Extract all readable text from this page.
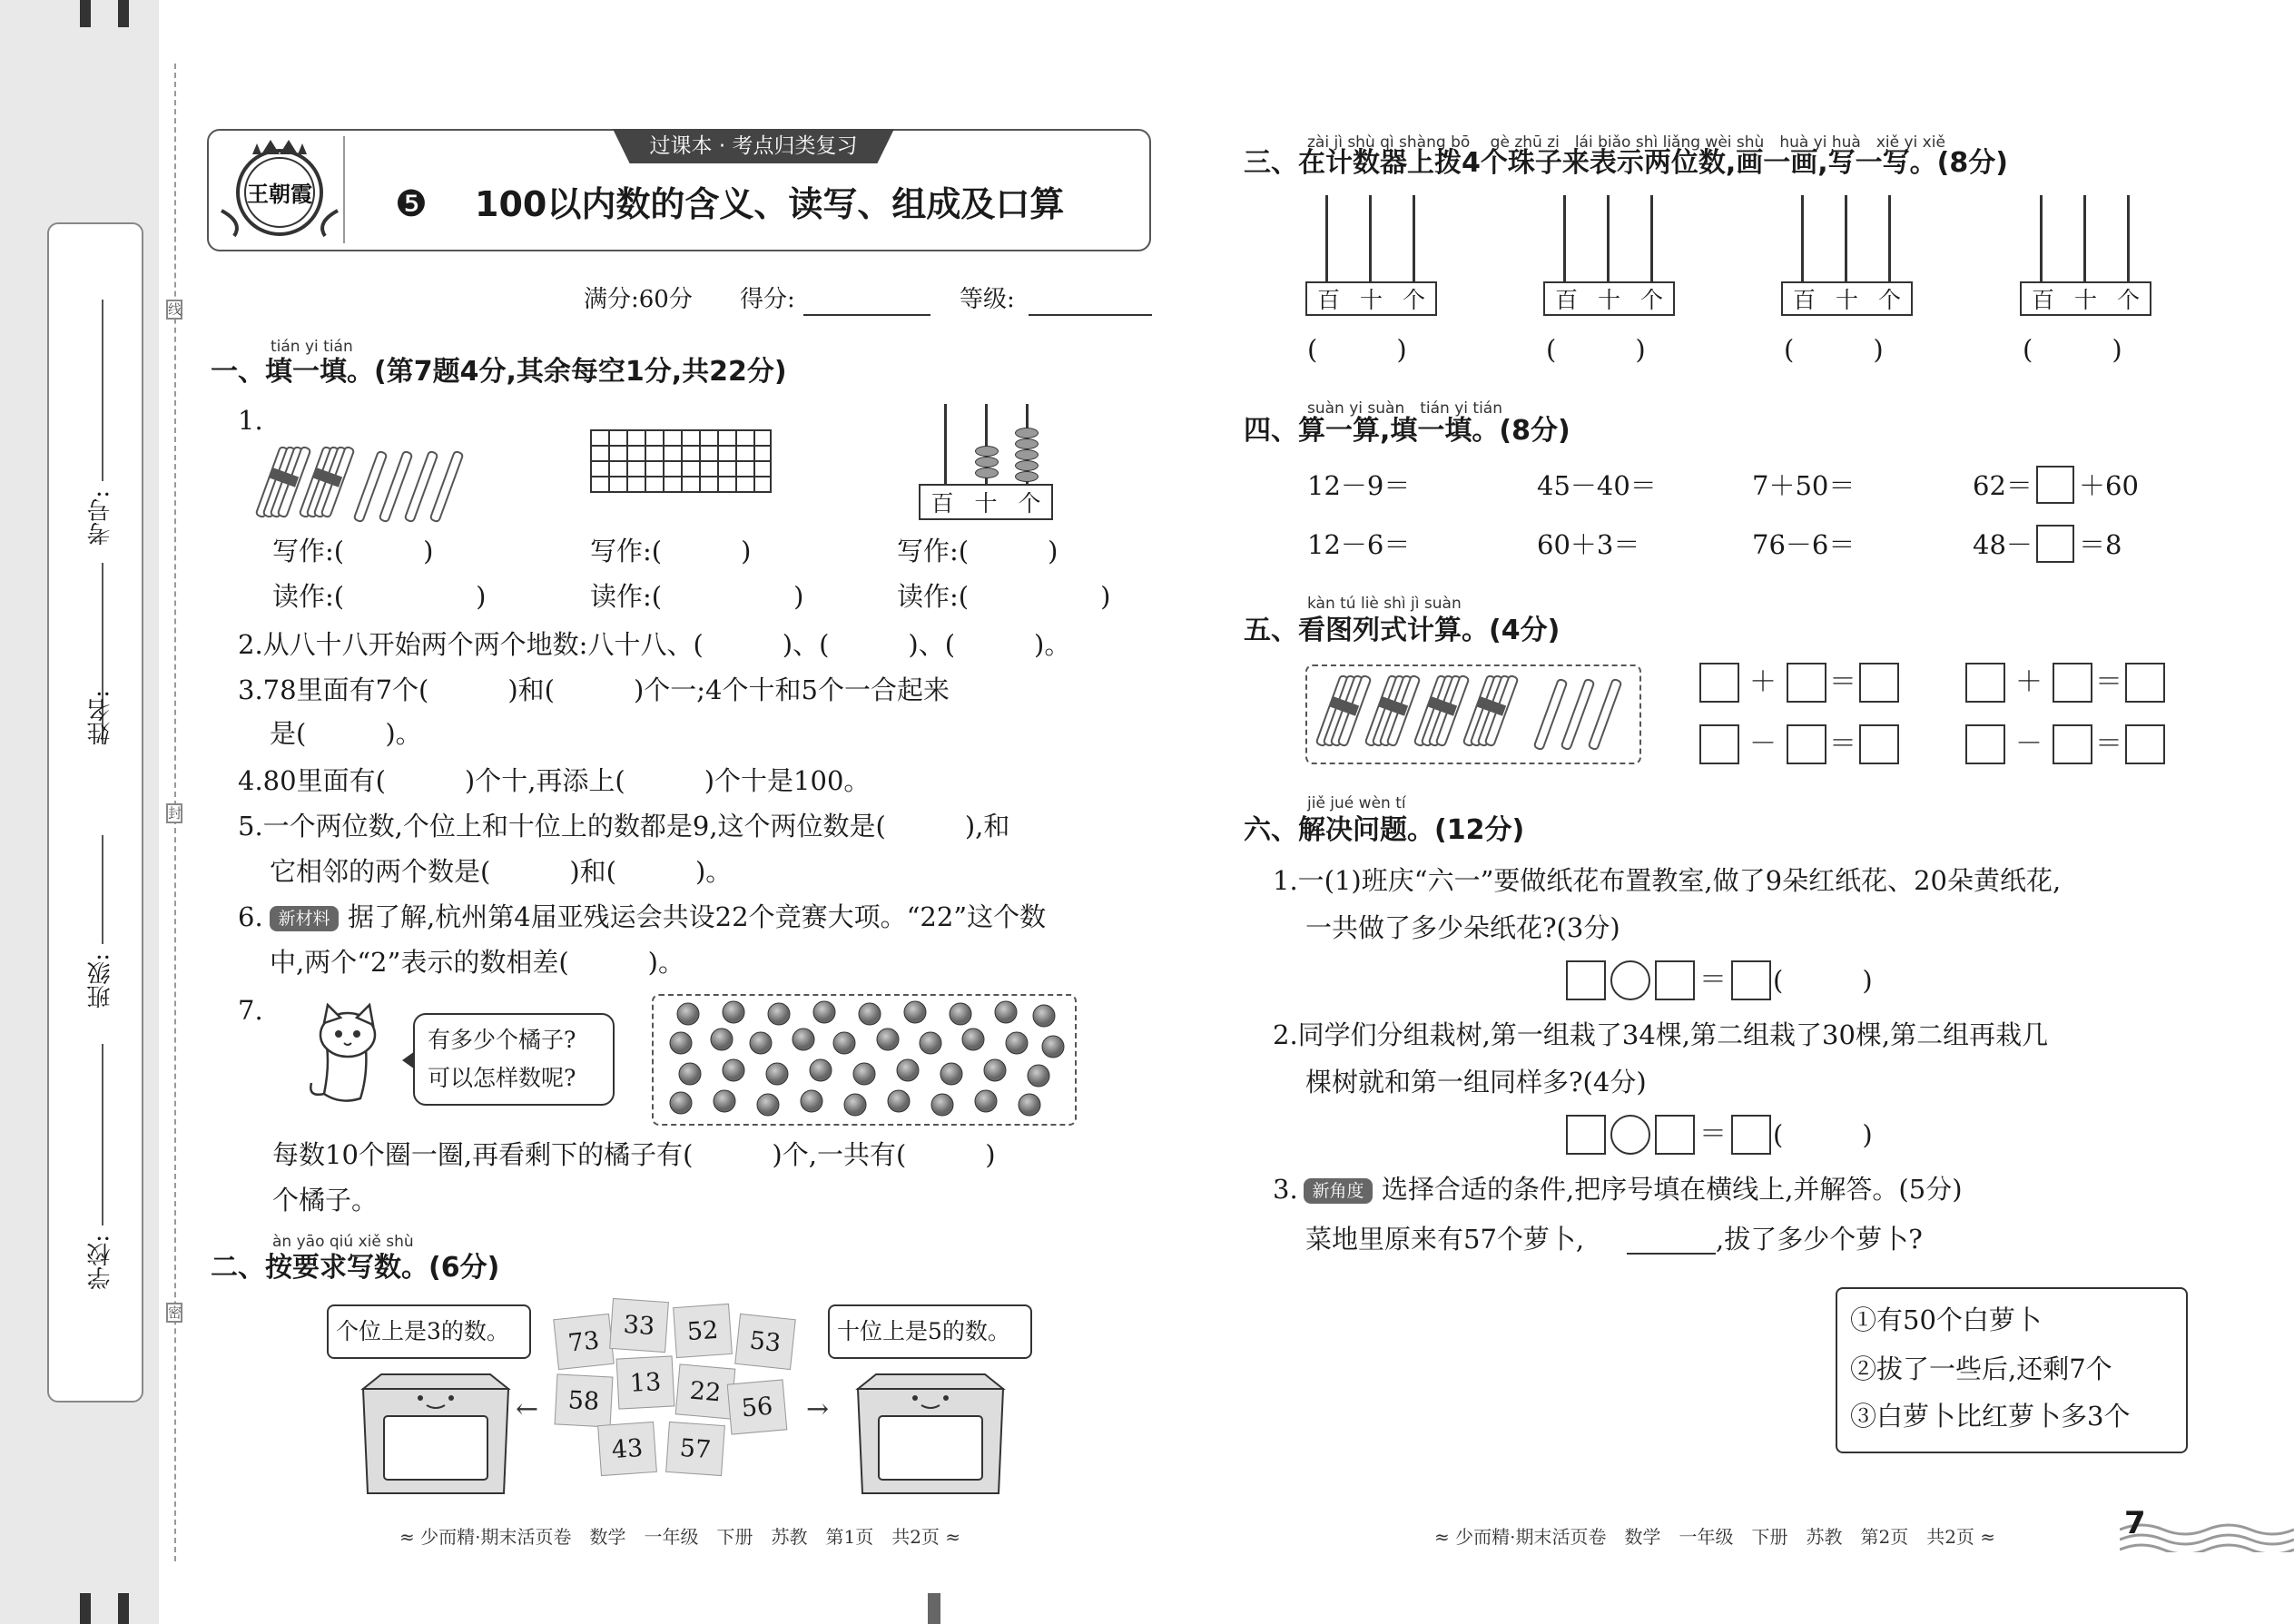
考号:
姓名:
班级:
学校:
线
封
密
王朝霞
过课本 · 考点归类复习
❺ 100以内数的含义、读写、组成及口算
满分:60分 得分:	等级:
tián yi tián
一、填一填。(第7题4分,其余每空1分,共22分)
1.
百 十 个
写作:(　　　)	写作:(　　　)	写作:(　　　)
读作:(　　　　　)	读作:(　　　　　)	读作:(　　　　　)
2.从八十八开始两个两个地数:八十八、(　　　)、(　　　)、(　　　)。
3.78里面有7个(　　　)和(　　　)个一;4个十和5个一合起来
是(　　　)。
4.80里面有(　　　)个十,再添上(　　　)个十是100。
5.一个两位数,个位上和十位上的数都是9,这个两位数是(　　　),和
它相邻的两个数是(　　　)和(　　　)。
6. 新材料 据了解,杭州第4届亚残运会共设22个竞赛大项。“22”这个数
中,两个“2”表示的数相差(　　　)。
7.
有多少个橘子?
可以怎样数呢?
每数10个圈一圈,再看剩下的橘子有(　　　)个,一共有(　　　)
个橘子。
àn yāo qiú xiě shù
二、按要求写数。(6分)
个位上是3的数。	十位上是5的数。
←	→
73
33	52	53
58
13	22
56
43	57
≈ 少而精·期末活页卷　数学　一年级　下册　苏教　第1页　共2页 ≈
zài jì shù qì shàng bō　 gè zhū zi　lái biǎo shì liǎng wèi shù　huà yi huà　xiě yi xiě
三、在计数器上拨4个珠子来表示两位数,画一画,写一写。(8分)
百 十 个	百 十 个	百 十 个	百 十 个
(　　　)	(　　　)	(　　　)	(　　　)
suàn yi suàn　tián yi tián
四、算一算,填一填。(8分)
12－9＝	45－40＝	7＋50＝	62＝ ＋60
12－6＝	60＋3＝	76－6＝	48－ ＝8
kàn tú liè shì jì suàn
五、看图列式计算。(4分)
＋	＝
－	＝
＋	＝
－	＝
jiě jué wèn tí
六、解决问题。(12分)
1.一(1)班庆“六一”要做纸花布置教室,做了9朵红纸花、20朵黄纸花,
一共做了多少朵纸花?(3分)
＝ (　　　)
2.同学们分组栽树,第一组栽了34棵,第二组栽了30棵,第二组再栽几
棵树就和第一组同样多?(4分)
＝ (　　　)
3. 新角度 选择合适的条件,把序号填在横线上,并解答。(5分)
菜地里原来有57个萝卜,	,拔了多少个萝卜?
①有50个白萝卜
②拔了一些后,还剩7个
③白萝卜比红萝卜多3个
≈ 少而精·期末活页卷　数学　一年级　下册　苏教　第2页　共2页 ≈	7
